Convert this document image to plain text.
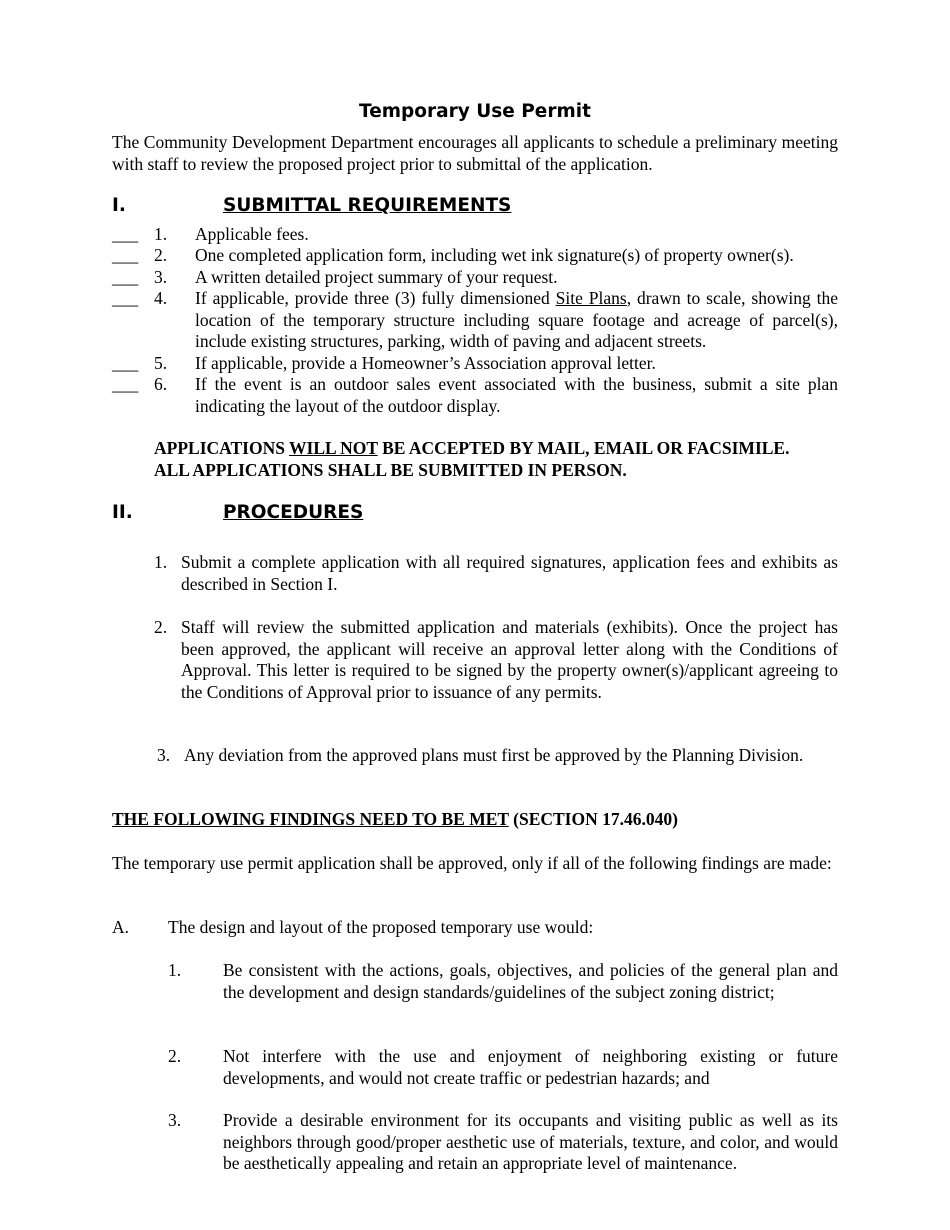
Temporary Use Permit
The Community Development Department encourages all applicants to schedule a preliminary meeting with staff to review the proposed project prior to submittal of the application.
I.	SUBMITTAL REQUIREMENTS
___ 1. Applicable fees.
___ 2. One completed application form, including wet ink signature(s) of property owner(s).
___ 3. A written detailed project summary of your request.
___ 4. If applicable, provide three (3) fully dimensioned Site Plans, drawn to scale, showing the location of the temporary structure including square footage and acreage of parcel(s), include existing structures, parking, width of paving and adjacent streets.
___ 5. If applicable, provide a Homeowner’s Association approval letter.
___ 6. If the event is an outdoor sales event associated with the business, submit a site plan indicating the layout of the outdoor display.
APPLICATIONS WILL NOT BE ACCEPTED BY MAIL, EMAIL OR FACSIMILE.
ALL APPLICATIONS SHALL BE SUBMITTED IN PERSON.
II.	PROCEDURES
1. Submit a complete application with all required signatures, application fees and exhibits as described in Section I.
2. Staff will review the submitted application and materials (exhibits). Once the project has been approved, the applicant will receive an approval letter along with the Conditions of Approval. This letter is required to be signed by the property owner(s)/applicant agreeing to the Conditions of Approval prior to issuance of any permits.
3. Any deviation from the approved plans must first be approved by the Planning Division.
THE FOLLOWING FINDINGS NEED TO BE MET (SECTION 17.46.040)
The temporary use permit application shall be approved, only if all of the following findings are made:
A. The design and layout of the proposed temporary use would:
1. Be consistent with the actions, goals, objectives, and policies of the general plan and the development and design standards/guidelines of the subject zoning district;
2. Not interfere with the use and enjoyment of neighboring existing or future developments, and would not create traffic or pedestrian hazards; and
3. Provide a desirable environment for its occupants and visiting public as well as its neighbors through good/proper aesthetic use of materials, texture, and color, and would be aesthetically appealing and retain an appropriate level of maintenance.
